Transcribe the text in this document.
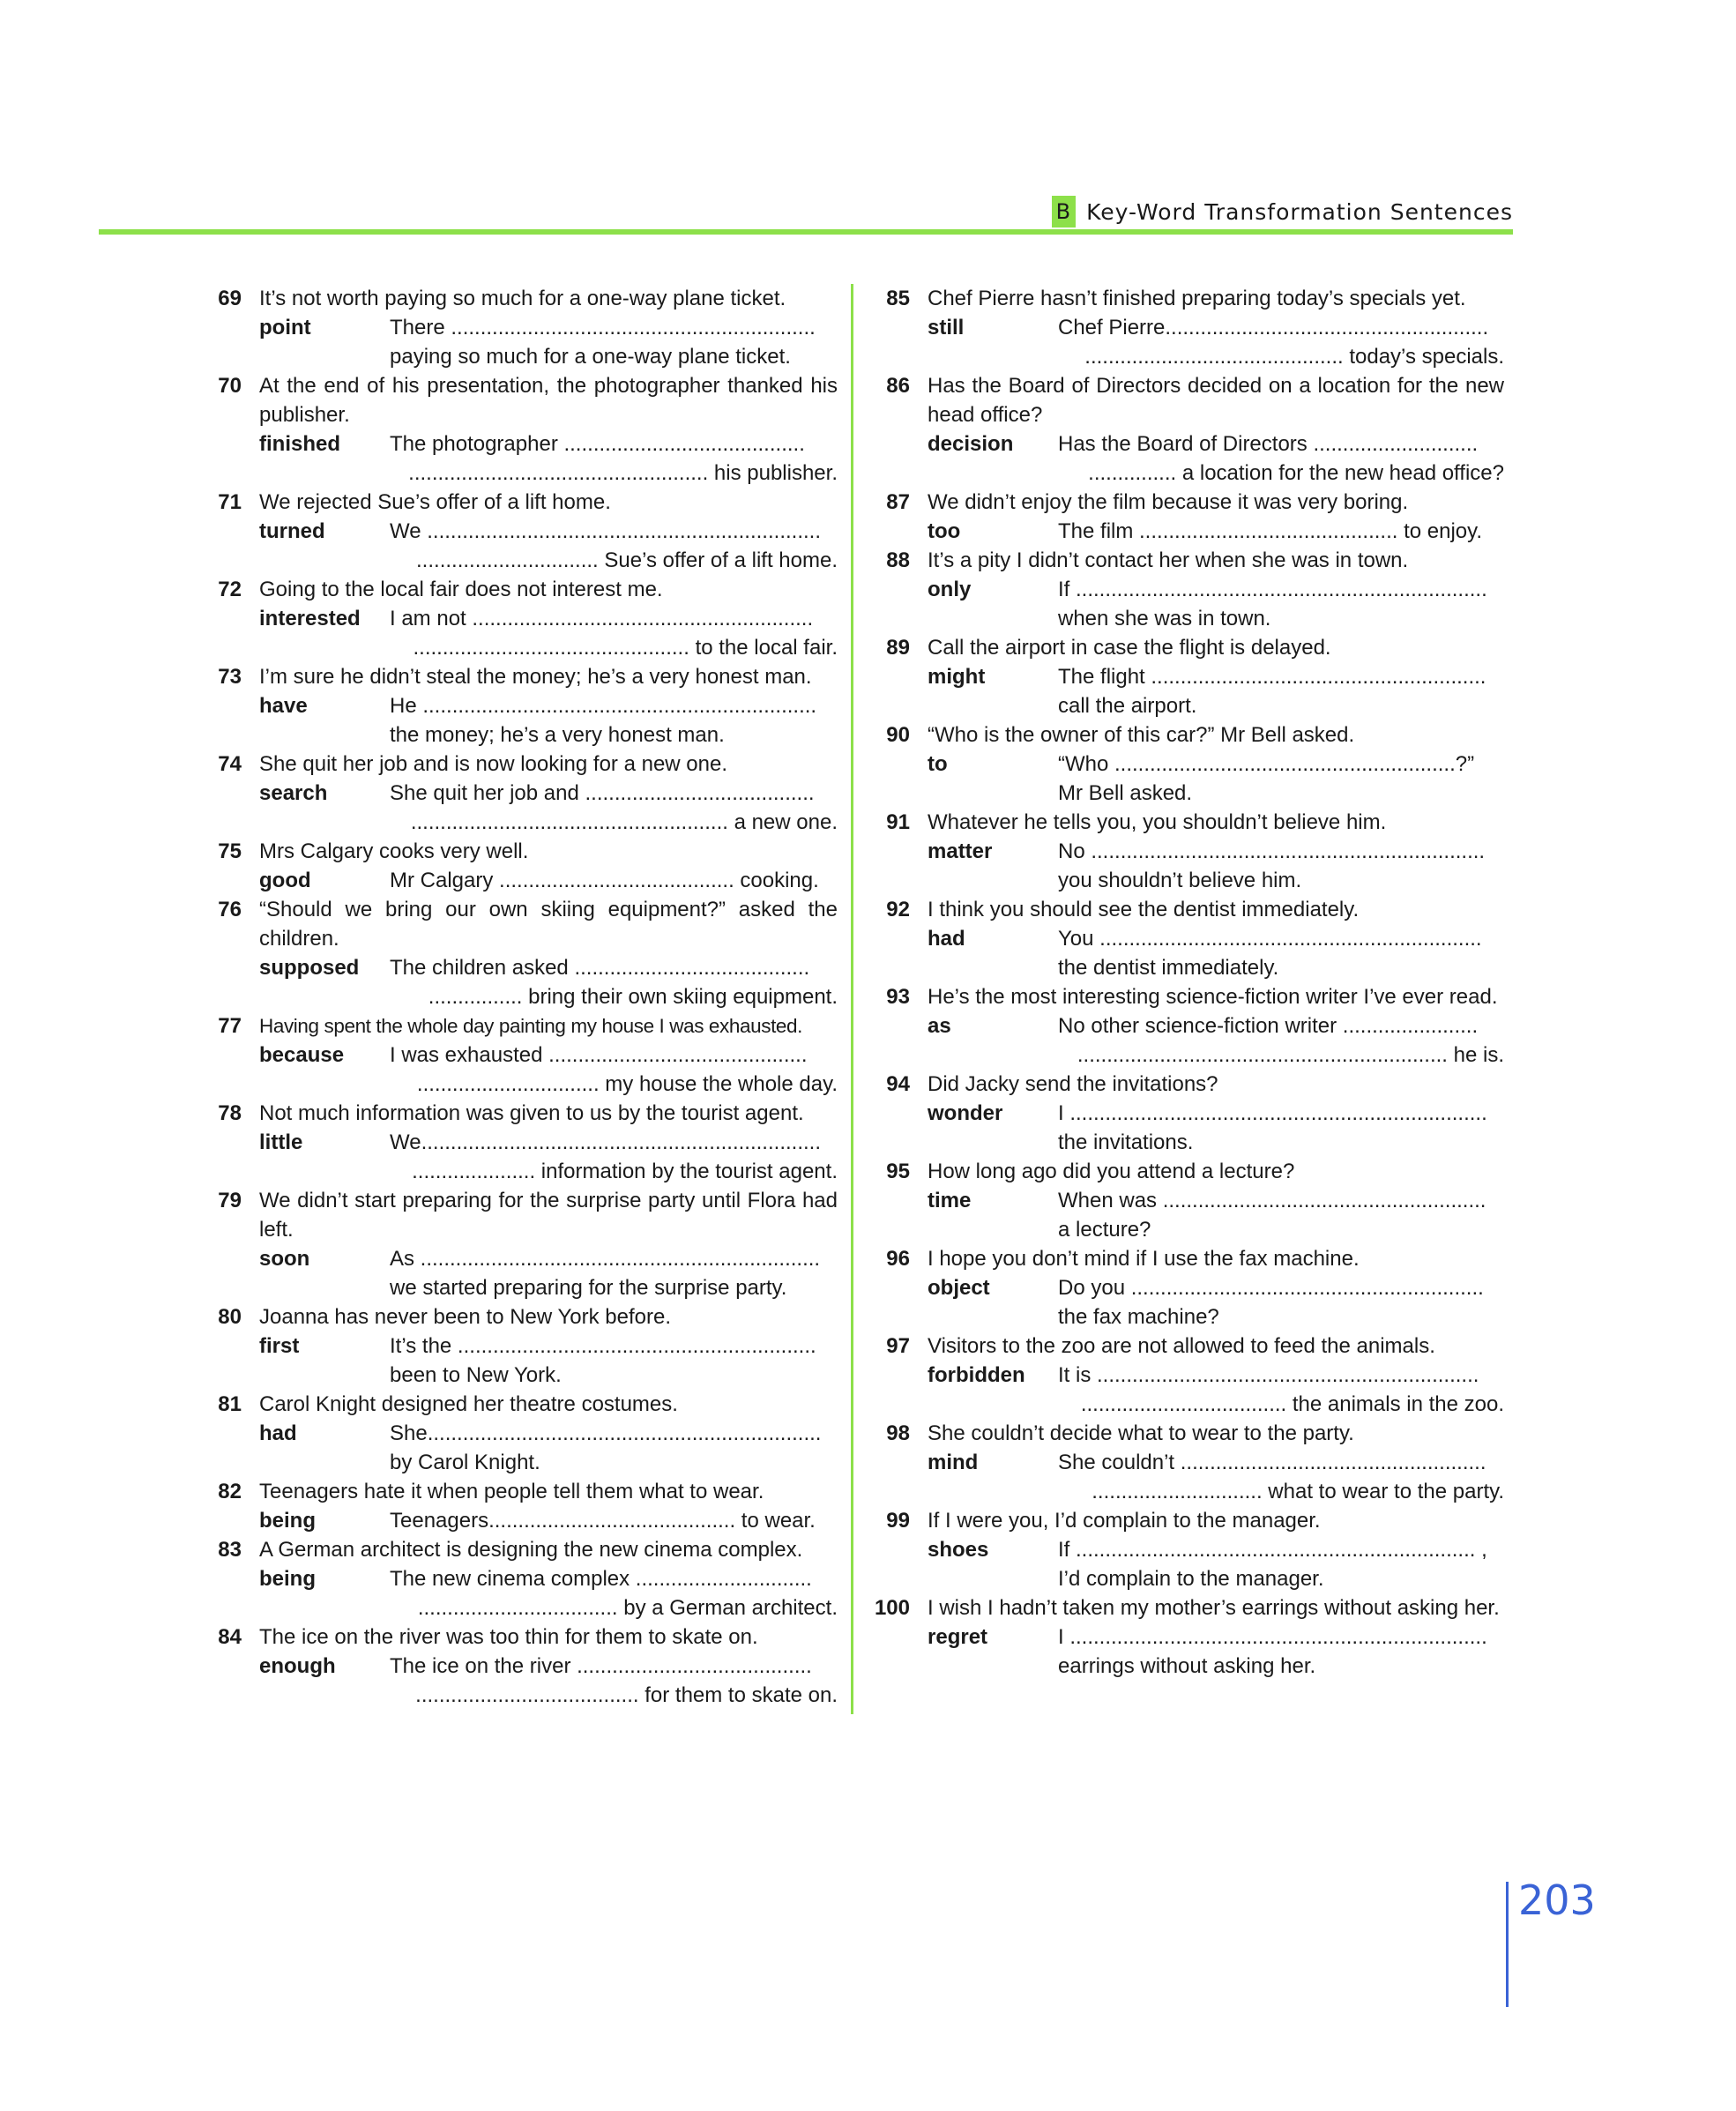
B Key-Word Transformation Sentences
69 It’s not worth paying so much for a one-way plane ticket.
point	There ..............................................................
paying so much for a one-way plane ticket.
70 At the end of his presentation, the photographer thanked his publisher.
finished	The photographer .........................................
................................................... his publisher.
71 We rejected Sue’s offer of a lift home.
turned	We ...................................................................
............................... Sue’s offer of a lift home.
72 Going to the local fair does not interest me.
interested	I am not ..........................................................
............................................... to the local fair.
73 I’m sure he didn’t steal the money; he’s a very honest man.
have	He ...................................................................
the money; he’s a very honest man.
74 She quit her job and is now looking for a new one.
search	She quit her job and .......................................
...................................................... a new one.
75 Mrs Calgary cooks very well.
good	Mr Calgary ........................................ cooking.
76 “Should we bring our own skiing equipment?” asked the children.
supposed	The children asked ........................................
................ bring their own skiing equipment.
77 Having spent the whole day painting my house I was exhausted.
because	I was exhausted ............................................
............................... my house the whole day.
78 Not much information was given to us by the tourist agent.
little	We....................................................................
..................... information by the tourist agent.
79 We didn’t start preparing for the surprise party until Flora had left.
soon	As ....................................................................
we started preparing for the surprise party.
80 Joanna has never been to New York before.
first	It’s the .............................................................
been to New York.
81 Carol Knight designed her theatre costumes.
had	She...................................................................
by Carol Knight.
82 Teenagers hate it when people tell them what to wear.
being	Teenagers.......................................... to wear.
83 A German architect is designing the new cinema complex.
being	The new cinema complex ..............................
.................................. by a German architect.
84 The ice on the river was too thin for them to skate on.
enough	The ice on the river ........................................
...................................... for them to skate on.
85 Chef Pierre hasn’t finished preparing today’s specials yet.
still	Chef Pierre.......................................................
............................................ today’s specials.
86 Has the Board of Directors decided on a location for the new head office?
decision	Has the Board of Directors ............................
............... a location for the new head office?
87 We didn’t enjoy the film because it was very boring.
too	The film ............................................ to enjoy.
88 It’s a pity I didn’t contact her when she was in town.
only	If ......................................................................
when she was in town.
89 Call the airport in case the flight is delayed.
might	The flight .........................................................
call the airport.
90 “Who is the owner of this car?” Mr Bell asked.
to	“Who ..........................................................?”
Mr Bell asked.
91 Whatever he tells you, you shouldn’t believe him.
matter	No ...................................................................
you shouldn’t believe him.
92 I think you should see the dentist immediately.
had	You .................................................................
the dentist immediately.
93 He’s the most interesting science-fiction writer I’ve ever read.
as	No other science-fiction writer .......................
............................................................... he is.
94 Did Jacky send the invitations?
wonder	I .......................................................................
the invitations.
95 How long ago did you attend a lecture?
time	When was .......................................................
a lecture?
96 I hope you don’t mind if I use the fax machine.
object	Do you ............................................................
the fax machine?
97 Visitors to the zoo are not allowed to feed the animals.
forbidden	It is .................................................................
................................... the animals in the zoo.
98 She couldn’t decide what to wear to the party.
mind	She couldn’t ....................................................
............................. what to wear to the party.
99 If I were you, I’d complain to the manager.
shoes	If .................................................................... ,
I’d complain to the manager.
100 I wish I hadn’t taken my mother’s earrings without asking her.
regret	I .......................................................................
earrings without asking her.
203
